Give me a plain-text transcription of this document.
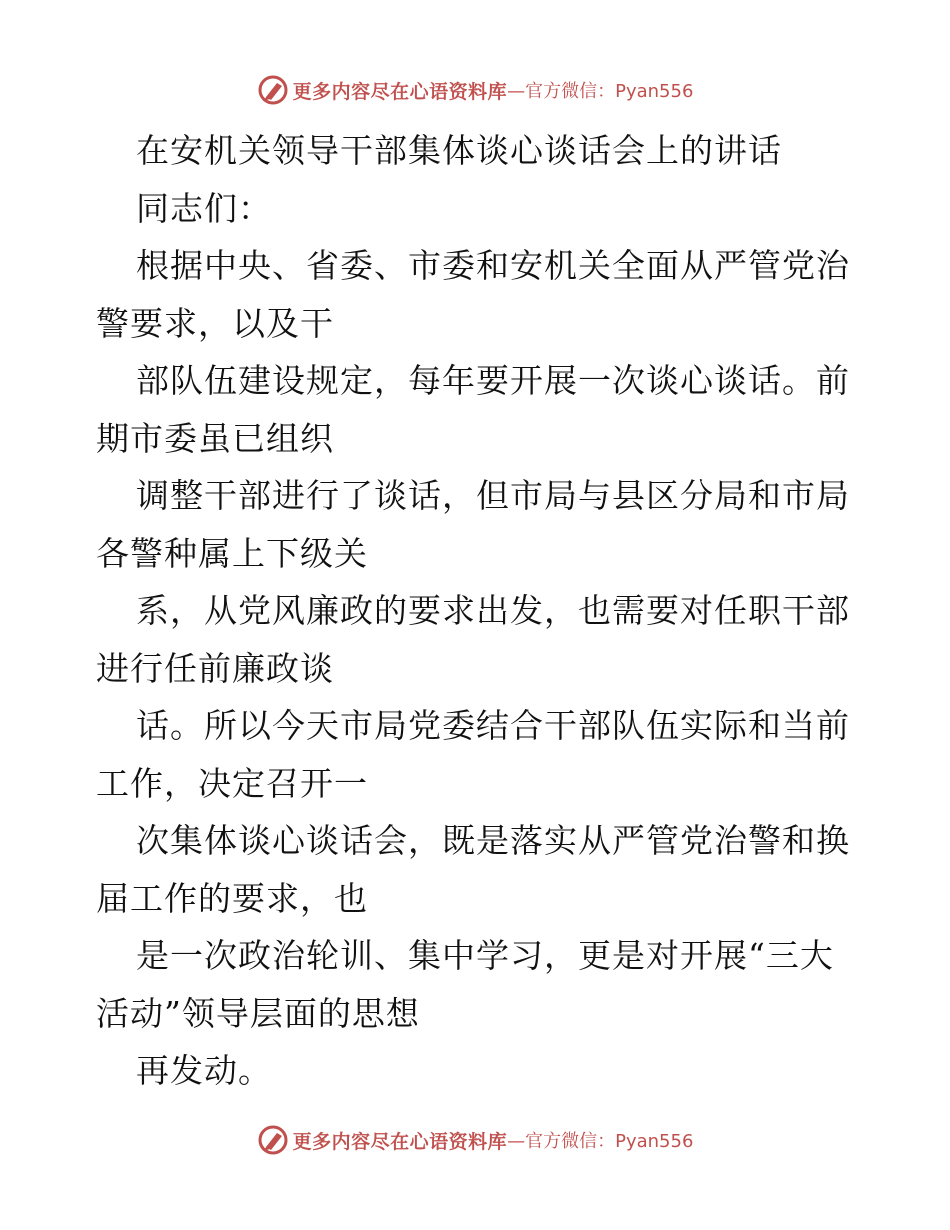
更多内容尽在心语资料库 —官方微信：Pyan556
在安机关领导干部集体谈心谈话会上的讲话
同志们：
根据中央、省委、市委和安机关全面从严管党治
警要求，以及干
部队伍建设规定，每年要开展一次谈心谈话。前
期市委虽已组织
调整干部进行了谈话，但市局与县区分局和市局
各警种属上下级关
系，从党风廉政的要求出发，也需要对任职干部
进行任前廉政谈
话。所以今天市局党委结合干部队伍实际和当前
工作，决定召开一
次集体谈心谈话会，既是落实从严管党治警和换
届工作的要求，也
是一次政治轮训、集中学习，更是对开展“三大
活动”领导层面的思想
再发动。
更多内容尽在心语资料库 —官方微信：Pyan556
